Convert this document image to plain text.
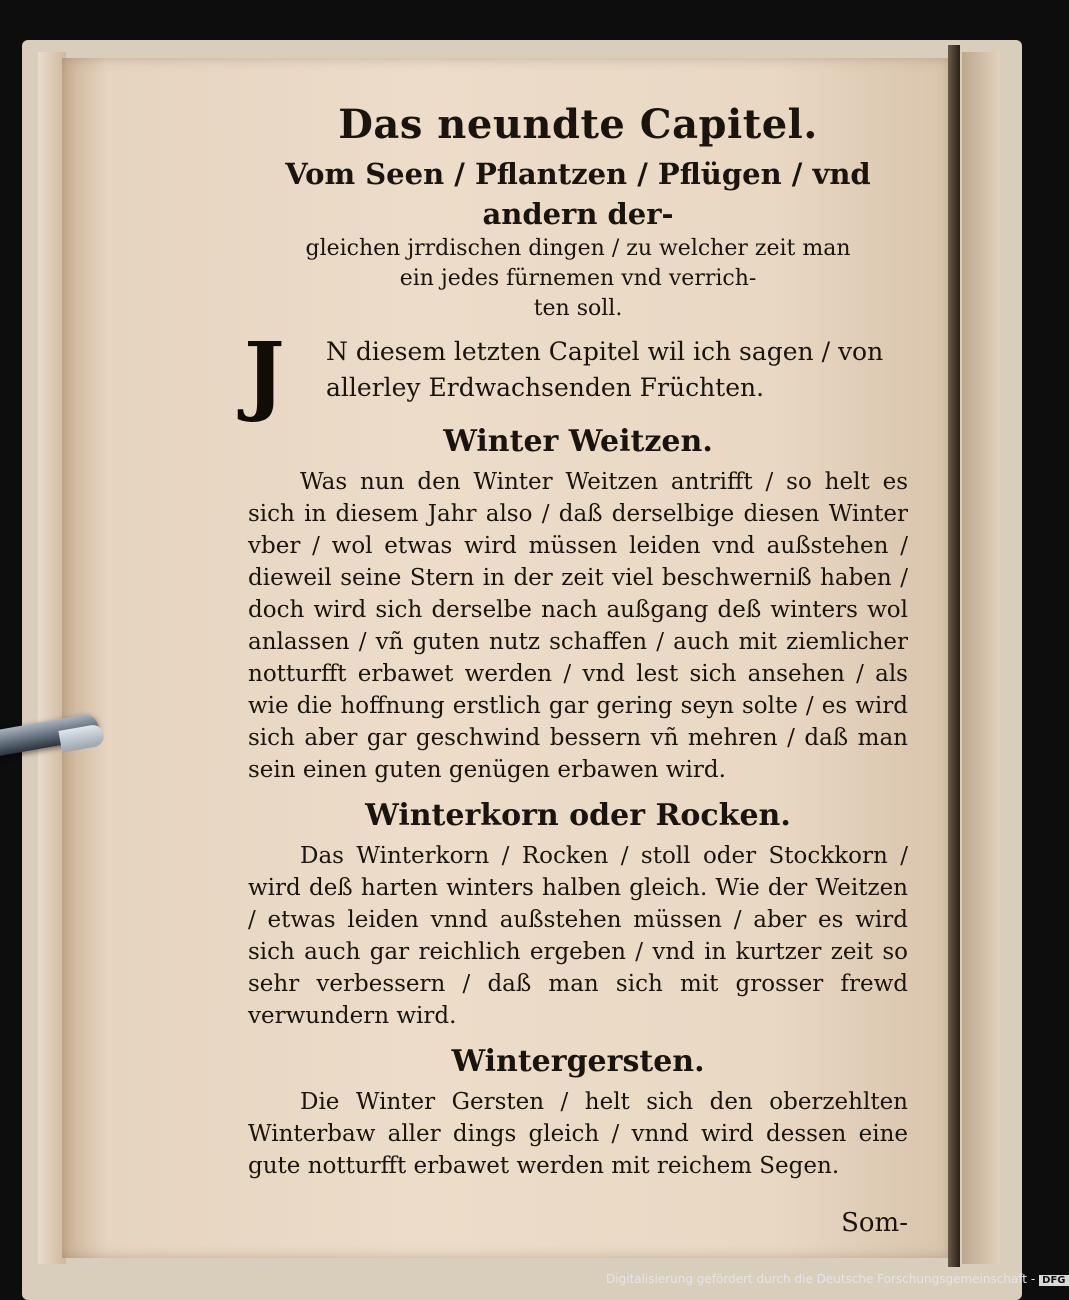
Das neundte Capitel.
Vom Seen / Pflantzen / Pflügen / vnd andern der-
gleichen jrrdischen dingen / zu welcher zeit man
ein jedes fürnemen vnd verrich-
ten soll.
J N diesem letzten Capitel wil ich sagen / von allerley Erdwachsenden Früchten.
Winter Weitzen.

Was nun den Winter Weitzen antrifft / so helt es sich in diesem Jahr also / daß derselbige diesen Winter vber / wol etwas wird müssen leiden vnd außstehen / dieweil seine Stern in der zeit viel beschwerniß haben / doch wird sich derselbe nach außgang deß winters wol anlassen / vñ guten nutz schaffen / auch mit ziemlicher notturfft erbawet werden / vnd lest sich ansehen / als wie die hoffnung erstlich gar gering seyn solte / es wird sich aber gar geschwind bessern vñ mehren / daß man sein einen guten genügen erbawen wird.

Winterkorn oder Rocken.

Das Winterkorn / Rocken / stoll oder Stockkorn / wird deß harten winters halben gleich. Wie der Weitzen / etwas leiden vnnd außstehen müssen / aber es wird sich auch gar reichlich ergeben / vnd in kurtzer zeit so sehr verbessern / daß man sich mit grosser frewd verwundern wird.

Wintergersten.

Die Winter Gersten / helt sich den oberzehlten Winterbaw aller dings gleich / vnnd wird dessen eine gute notturfft erbawet werden mit reichem Segen.

Som-
Digitalisierung gefördert durch die Deutsche Forschungsgemeinschaft - DFG
